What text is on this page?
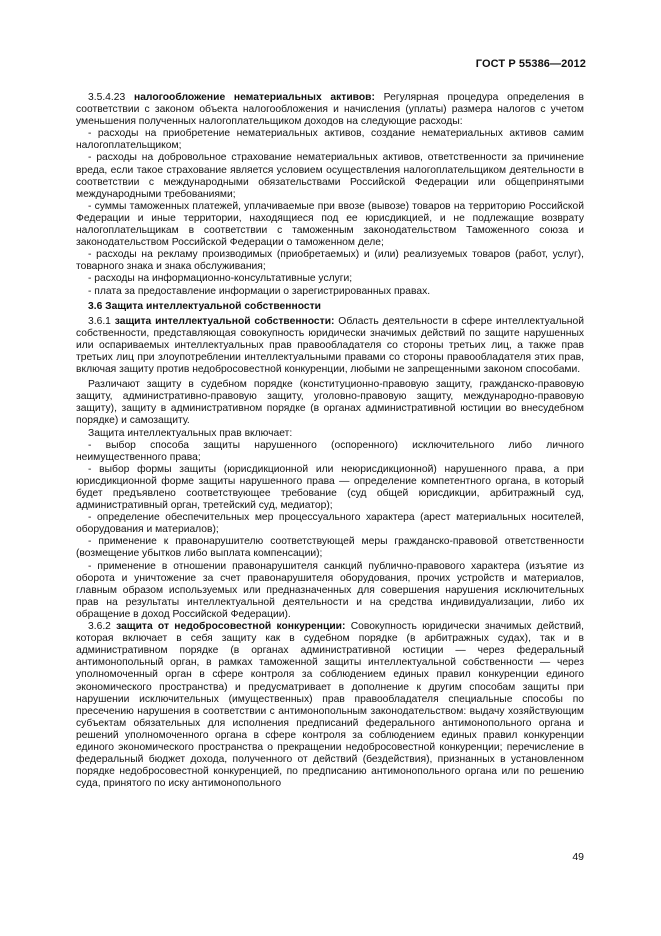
ГОСТ Р 55386—2012

3.5.4.23 налогообложение нематериальных активов: Регулярная процедура определения в соответствии с законом объекта налогообложения и начисления (уплаты) размера налогов с учетом уменьшения полученных налогоплательщиком доходов на следующие расходы:

- расходы на приобретение нематериальных активов, создание нематериальных активов самим налогоплательщиком;

- расходы на добровольное страхование нематериальных активов, ответственности за причинение вреда, если такое страхование является условием осуществления налогоплательщиком деятельности в соответствии с международными обязательствами Российской Федерации или общепринятыми международными требованиями;

- суммы таможенных платежей, уплачиваемые при ввозе (вывозе) товаров на территорию Российской Федерации и иные территории, находящиеся под ее юрисдикцией, и не подлежащие возврату налогоплательщикам в соответствии с таможенным законодательством Таможенного союза и законодательством Российской Федерации о таможенном деле;

- расходы на рекламу производимых (приобретаемых) и (или) реализуемых товаров (работ, услуг), товарного знака и знака обслуживания;

- расходы на информационно-консультативные услуги;

- плата за предоставление информации о зарегистрированных правах.

3.6 Защита интеллектуальной собственности

3.6.1 защита интеллектуальной собственности: Область деятельности в сфере интеллектуальной собственности, представляющая совокупность юридически значимых действий по защите нарушенных или оспариваемых интеллектуальных прав правообладателя со стороны третьих лиц, а также прав третьих лиц при злоупотреблении интеллектуальными правами со стороны правообладателя этих прав, включая защиту против недобросовестной конкуренции, любыми не запрещенными законом способами.

Различают защиту в судебном порядке (конституционно-правовую защиту, гражданско-правовую защиту, административно-правовую защиту, уголовно-правовую защиту, международно-правовую защиту), защиту в административном порядке (в органах административной юстиции во внесудебном порядке) и самозащиту.

Защита интеллектуальных прав включает:

- выбор способа защиты нарушенного (оспоренного) исключительного либо личного неимущественного права;

- выбор формы защиты (юрисдикционной или неюрисдикционной) нарушенного права, а при юрисдикционной форме защиты нарушенного права — определение компетентного органа, в который будет предъявлено соответствующее требование (суд общей юрисдикции, арбитражный суд, административный орган, третейский суд, медиатор);

- определение обеспечительных мер процессуального характера (арест материальных носителей, оборудования и материалов);

- применение к правонарушителю соответствующей меры гражданско-правовой ответственности (возмещение убытков либо выплата компенсации);

- применение в отношении правонарушителя санкций публично-правового характера (изъятие из оборота и уничтожение за счет правонарушителя оборудования, прочих устройств и материалов, главным образом используемых или предназначенных для совершения нарушения исключительных прав на результаты интеллектуальной деятельности и на средства индивидуализации, либо их обращение в доход Российской Федерации).

3.6.2 защита от недобросовестной конкуренции: Совокупность юридически значимых действий, которая включает в себя защиту как в судебном порядке (в арбитражных судах), так и в административном порядке (в органах административной юстиции — через федеральный антимонопольный орган, в рамках таможенной защиты интеллектуальной собственности — через уполномоченный орган в сфере контроля за соблюдением единых правил конкуренции единого экономического пространства) и предусматривает в дополнение к другим способам защиты при нарушении исключительных (имущественных) прав правообладателя специальные способы по пресечению нарушения в соответствии с антимонопольным законодательством: выдачу хозяйствующим субъектам обязательных для исполнения предписаний федерального антимонопольного органа и решений уполномоченного органа в сфере контроля за соблюдением единых правил конкуренции единого экономического пространства о прекращении недобросовестной конкуренции; перечисление в федеральный бюджет дохода, полученного от действий (бездействия), признанных в установленном порядке недобросовестной конкуренцией, по предписанию антимонопольного органа или по решению суда, принятого по иску антимонопольного

49
